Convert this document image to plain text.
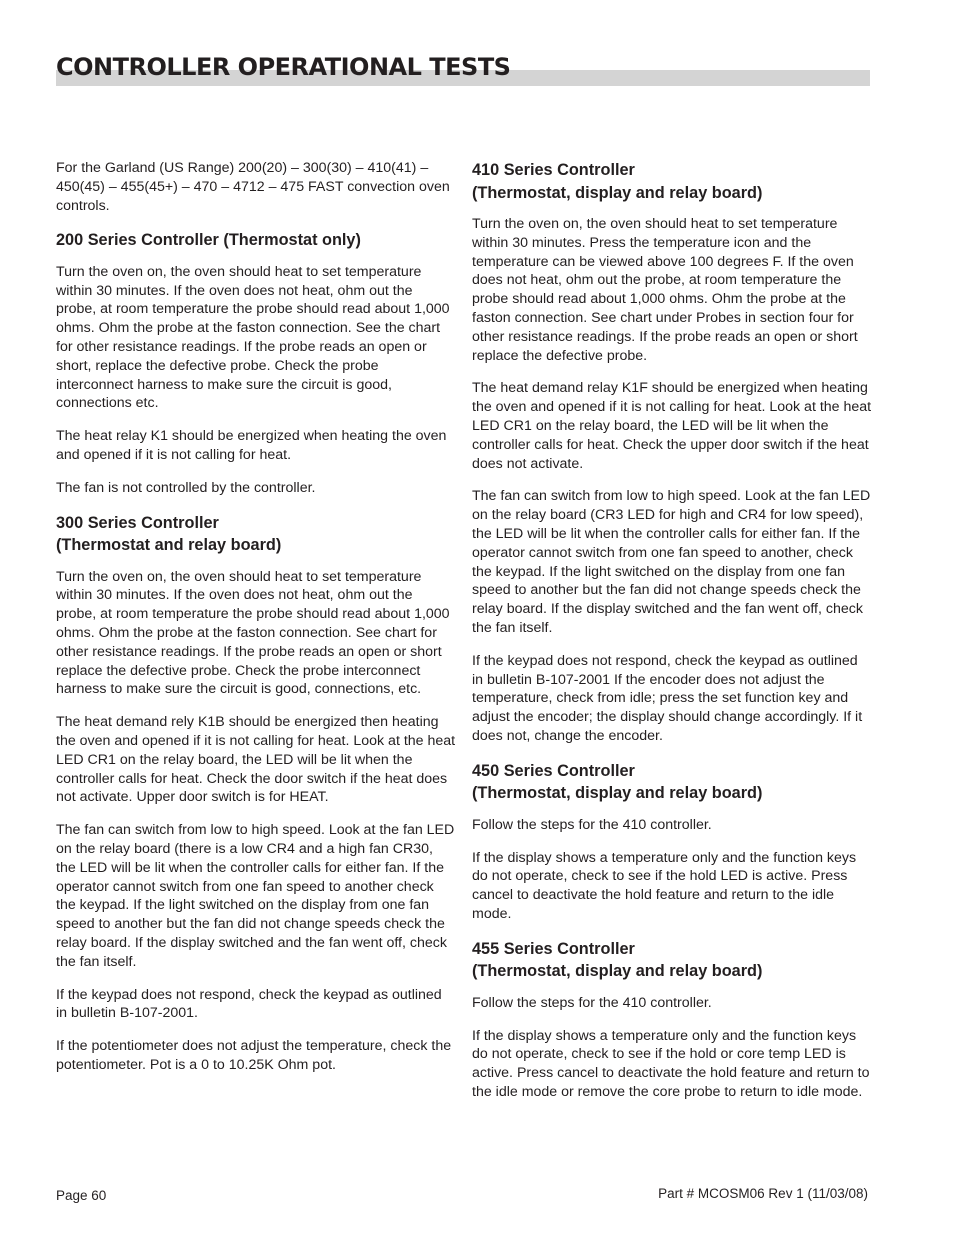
CONTROLLER OPERATIONAL TESTS

For the Garland (US Range) 200(20) – 300(30) – 410(41) – 450(45) – 455(45+) – 470 – 4712 – 475 FAST convection oven controls.

200 Series Controller (Thermostat only)

Turn the oven on, the oven should heat to set temperature within 30 minutes. If the oven does not heat, ohm out the probe, at room temperature the probe should read about 1,000 ohms. Ohm the probe at the faston connection. See the chart for other resistance readings. If the probe reads an open or short, replace the defective probe. Check the probe interconnect harness to make sure the circuit is good, connections etc.

The heat relay K1 should be energized when heating the oven and opened if it is not calling for heat.

The fan is not controlled by the controller.

300 Series Controller
(Thermostat and relay board)

Turn the oven on, the oven should heat to set temperature within 30 minutes. If the oven does not heat, ohm out the probe, at room temperature the probe should read about 1,000 ohms. Ohm the probe at the faston connection. See chart for other resistance readings. If the probe reads an open or short replace the defective probe. Check the probe interconnect harness to make sure the circuit is good, connections, etc.

The heat demand rely K1B should be energized then heating the oven and opened if it is not calling for heat. Look at the heat LED CR1 on the relay board, the LED will be lit when the controller calls for heat. Check the door switch if the heat does not activate. Upper door switch is for HEAT.

The fan can switch from low to high speed. Look at the fan LED on the relay board (there is a low CR4 and a high fan CR30, the LED will be lit when the controller calls for either fan. If the operator cannot switch from one fan speed to another check the keypad. If the light switched on the display from one fan speed to another but the fan did not change speeds check the relay board. If the display switched and the fan went off, check the fan itself.

If the keypad does not respond, check the keypad as outlined in bulletin B-107-2001.

If the potentiometer does not adjust the temperature, check the potentiometer. Pot is a 0 to 10.25K Ohm pot.

410 Series Controller
(Thermostat, display and relay board)

Turn the oven on, the oven should heat to set temperature within 30 minutes. Press the temperature icon and the temperature can be viewed above 100 degrees F. If the oven does not heat, ohm out the probe, at room temperature the probe should read about 1,000 ohms. Ohm the probe at the faston connection. See chart under Probes in section four for other resistance readings. If the probe reads an open or short replace the defective probe.

The heat demand relay K1F should be energized when heating the oven and opened if it is not calling for heat. Look at the heat LED CR1 on the relay board, the LED will be lit when the controller calls for heat. Check the upper door switch if the heat does not activate.

The fan can switch from low to high speed. Look at the fan LED on the relay board (CR3 LED for high and CR4 for low speed), the LED will be lit when the controller calls for either fan. If the operator cannot switch from one fan speed to another, check the keypad. If the light switched on the display from one fan speed to another but the fan did not change speeds check the relay board. If the display switched and the fan went off, check the fan itself.

If the keypad does not respond, check the keypad as outlined in bulletin B-107-2001 If the encoder does not adjust the temperature, check from idle; press the set function key and adjust the encoder; the display should change accordingly. If it does not, change the encoder.

450 Series Controller
(Thermostat, display and relay board)

Follow the steps for the 410 controller.

If the display shows a temperature only and the function keys do not operate, check to see if the hold LED is active. Press cancel to deactivate the hold feature and return to the idle mode.

455 Series Controller
(Thermostat, display and relay board)

Follow the steps for the 410 controller.

If the display shows a temperature only and the function keys do not operate, check to see if the hold or core temp LED is active. Press cancel to deactivate the hold feature and return to the idle mode or remove the core probe to return to idle mode.

Page 60	Part # MCOSM06 Rev 1 (11/03/08)
